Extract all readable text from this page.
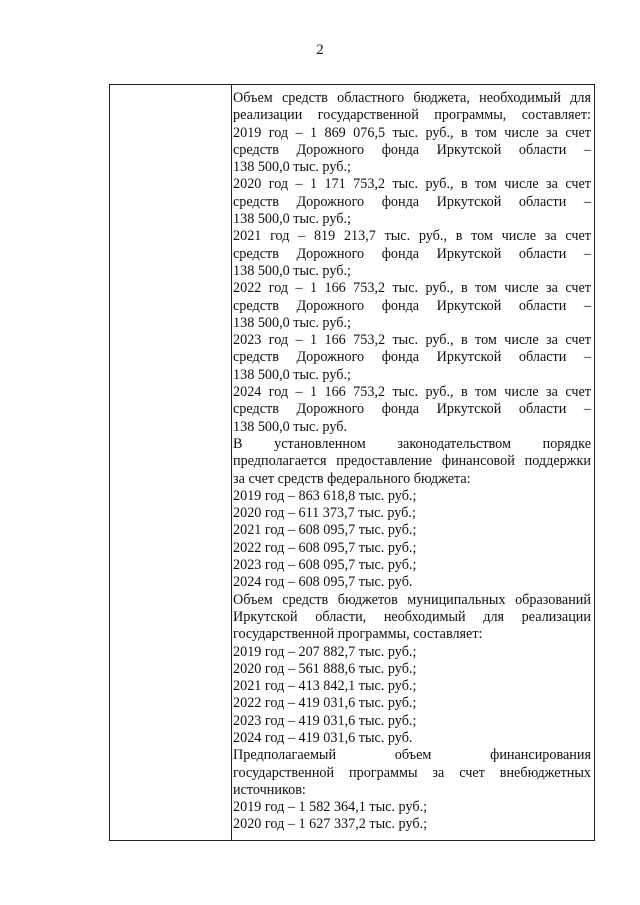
2
Объем средств областного бюджета, необходимый для
реализации государственной программы, составляет:
2019 год – 1 869 076,5 тыс. руб., в том числе за счет
средств Дорожного фонда Иркутской области –
138 500,0 тыс. руб.;
2020 год – 1 171 753,2 тыс. руб., в том числе за счет
средств Дорожного фонда Иркутской области –
138 500,0 тыс. руб.;
2021 год – 819 213,7 тыс. руб., в том числе за счет
средств Дорожного фонда Иркутской области –
138 500,0 тыс. руб.;
2022 год – 1 166 753,2 тыс. руб., в том числе за счет
средств Дорожного фонда Иркутской области –
138 500,0 тыс. руб.;
2023 год – 1 166 753,2 тыс. руб., в том числе за счет
средств Дорожного фонда Иркутской области –
138 500,0 тыс. руб.;
2024 год – 1 166 753,2 тыс. руб., в том числе за счет
средств Дорожного фонда Иркутской области –
138 500,0 тыс. руб.
В установленном законодательством порядке
предполагается предоставление финансовой поддержки
за счет средств федерального бюджета:
2019 год – 863 618,8 тыс. руб.;
2020 год – 611 373,7 тыс. руб.;
2021 год – 608 095,7 тыс. руб.;
2022 год – 608 095,7 тыс. руб.;
2023 год – 608 095,7 тыс. руб.;
2024 год – 608 095,7 тыс. руб.
Объем средств бюджетов муниципальных образований
Иркутской области, необходимый для реализации
государственной программы, составляет:
2019 год – 207 882,7 тыс. руб.;
2020 год – 561 888,6 тыс. руб.;
2021 год – 413 842,1 тыс. руб.;
2022 год – 419 031,6 тыс. руб.;
2023 год – 419 031,6 тыс. руб.;
2024 год – 419 031,6 тыс. руб.
Предполагаемый объем финансирования
государственной программы за счет внебюджетных
источников:
2019 год – 1 582 364,1 тыс. руб.;
2020 год – 1 627 337,2 тыс. руб.;
